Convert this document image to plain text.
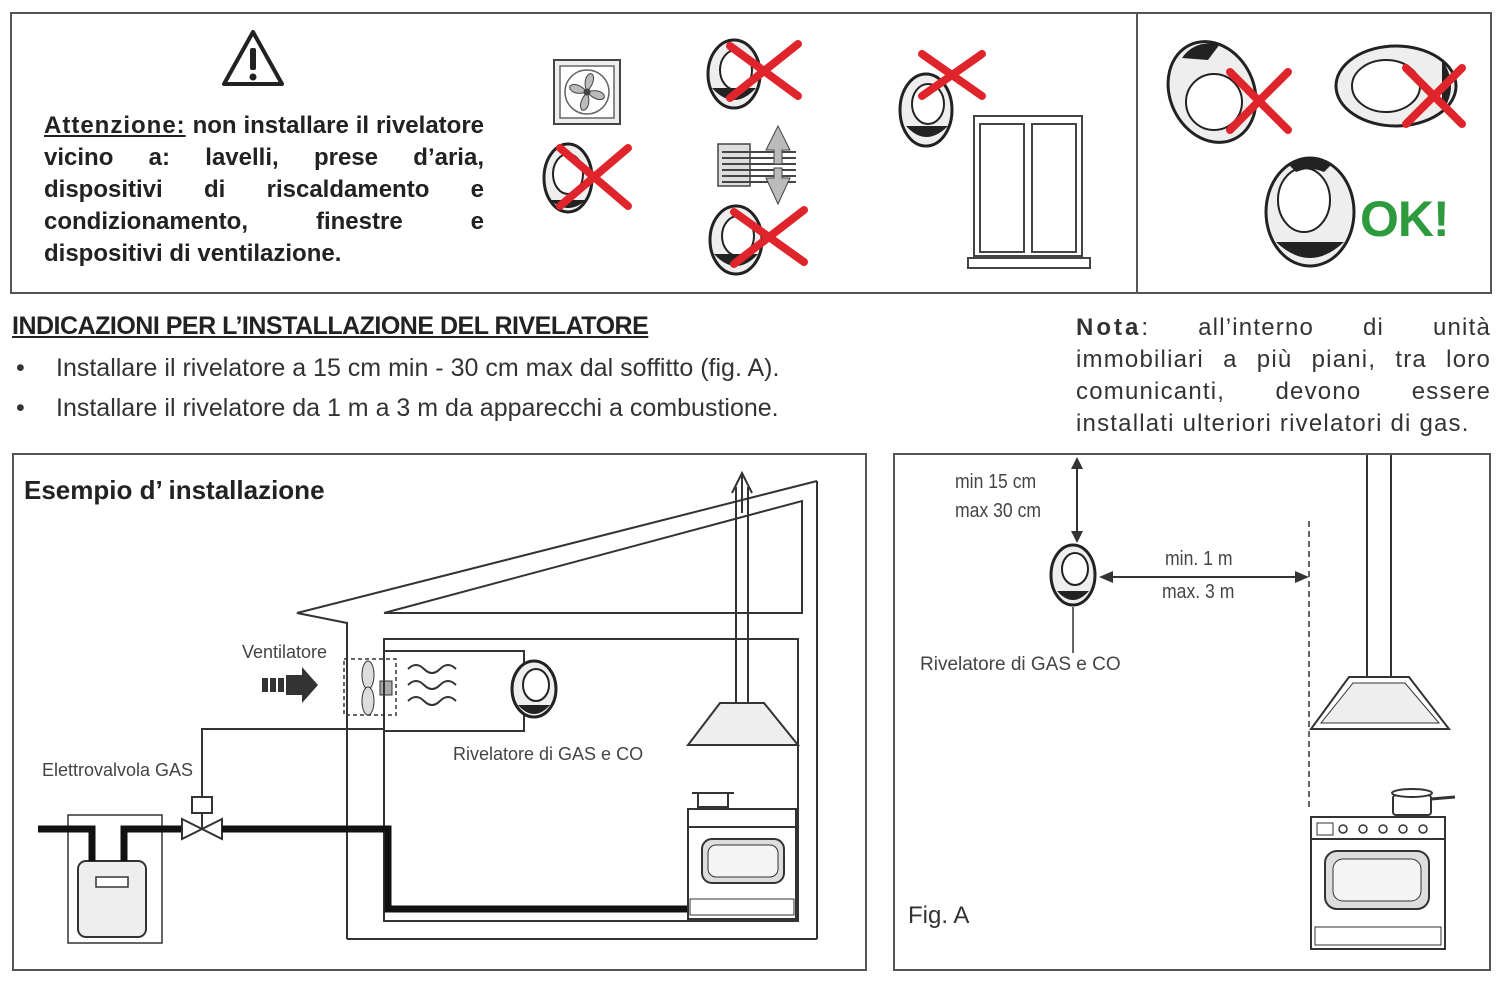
Attenzione: non installare il rivelatore vicino a: lavelli, prese d’aria, dispositivi di riscaldamento e condizionamento, finestre e dispositivi di ventilazione.
OK!
INDICAZIONI PER L’INSTALLAZIONE DEL RIVELATORE
• Installare il rivelatore a 15 cm min - 30 cm max dal soffitto (fig. A).
• Installare il rivelatore da 1 m a 3 m da apparecchi a combustione.
Nota: all’interno di unità immobiliari a più piani, tra loro comunicanti, devono essere installati ulteriori rivelatori di gas.
Esempio d’ installazione
Ventilatore
Elettrovalvola GAS
Rivelatore di GAS e CO
min 15 cm
max 30 cm
min. 1 m
max. 3 m
Rivelatore di GAS e CO
Fig. A
